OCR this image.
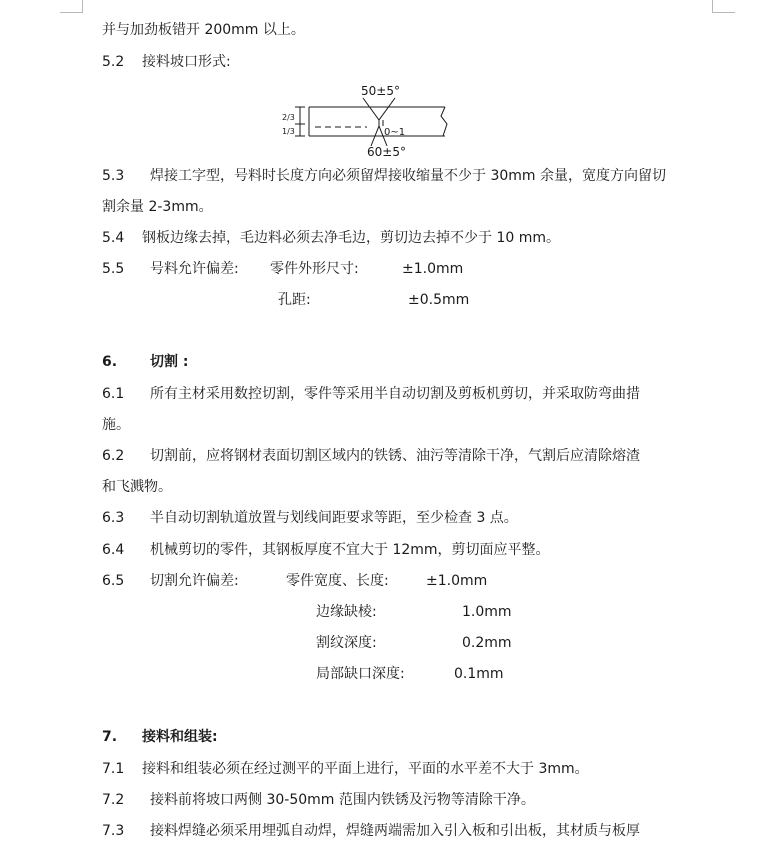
并与加劲板错开 200mm 以上。
5.2 接料坡口形式:
50±5°
0~1
60±5°
2/3
1/3
5.3 焊接工字型，号料时长度方向必须留焊接收缩量不少于 30mm 余量，宽度方向留切
割余量 2-3mm。
5.4 钢板边缘去掉，毛边料必须去净毛边，剪切边去掉不少于 10 mm。
5.5 号料允许偏差: 零件外形尺寸:	±1.0mm
孔距:	±0.5mm
6. 切割 :
6.1 所有主材采用数控切割，零件等采用半自动切割及剪板机剪切，并采取防弯曲措
施。
6.2 切割前，应将钢材表面切割区域内的铁锈、油污等清除干净，气割后应清除熔渣
和飞溅物。
6.3 半自动切割轨道放置与划线间距要求等距，至少检查 3 点。
6.4 机械剪切的零件，其钢板厚度不宜大于 12mm，剪切面应平整。
6.5 切割允许偏差:	零件宽度、长度:	±1.0mm
边缘缺棱:	1.0mm
割纹深度:	0.2mm
局部缺口深度:	0.1mm
7. 接料和组装:
7.1 接料和组装必须在经过测平的平面上进行，平面的水平差不大于 3mm。
7.2 接料前将坡口两侧 30-50mm 范围内铁锈及污物等清除干净。
7.3 接料焊缝必须采用埋弧自动焊，焊缝两端需加入引入板和引出板，其材质与板厚
